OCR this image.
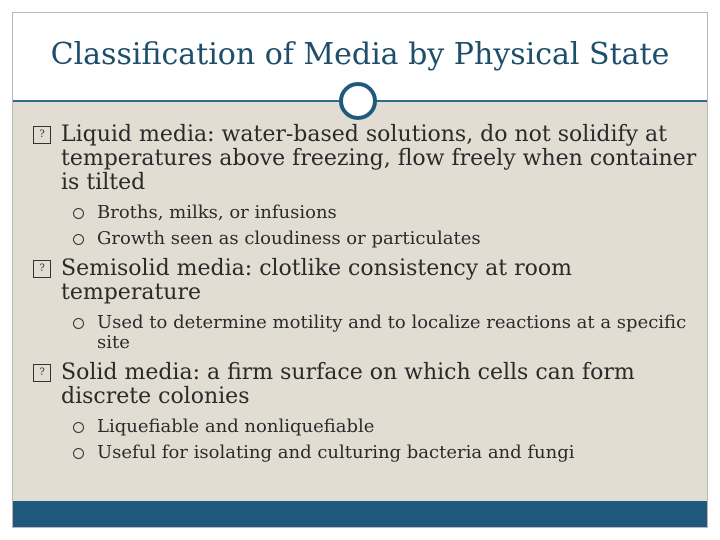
Classification of Media by Physical State
? Liquid media: water-based solutions, do not solidify at temperatures above freezing, flow freely when container is tilted
Broths, milks, or infusions
Growth seen as cloudiness or particulates
? Semisolid media: clotlike consistency at room temperature
Used to determine motility and to localize reactions at a specific site
? Solid media: a firm surface on which cells can form discrete colonies
Liquefiable and nonliquefiable
Useful for isolating and culturing bacteria and fungi
